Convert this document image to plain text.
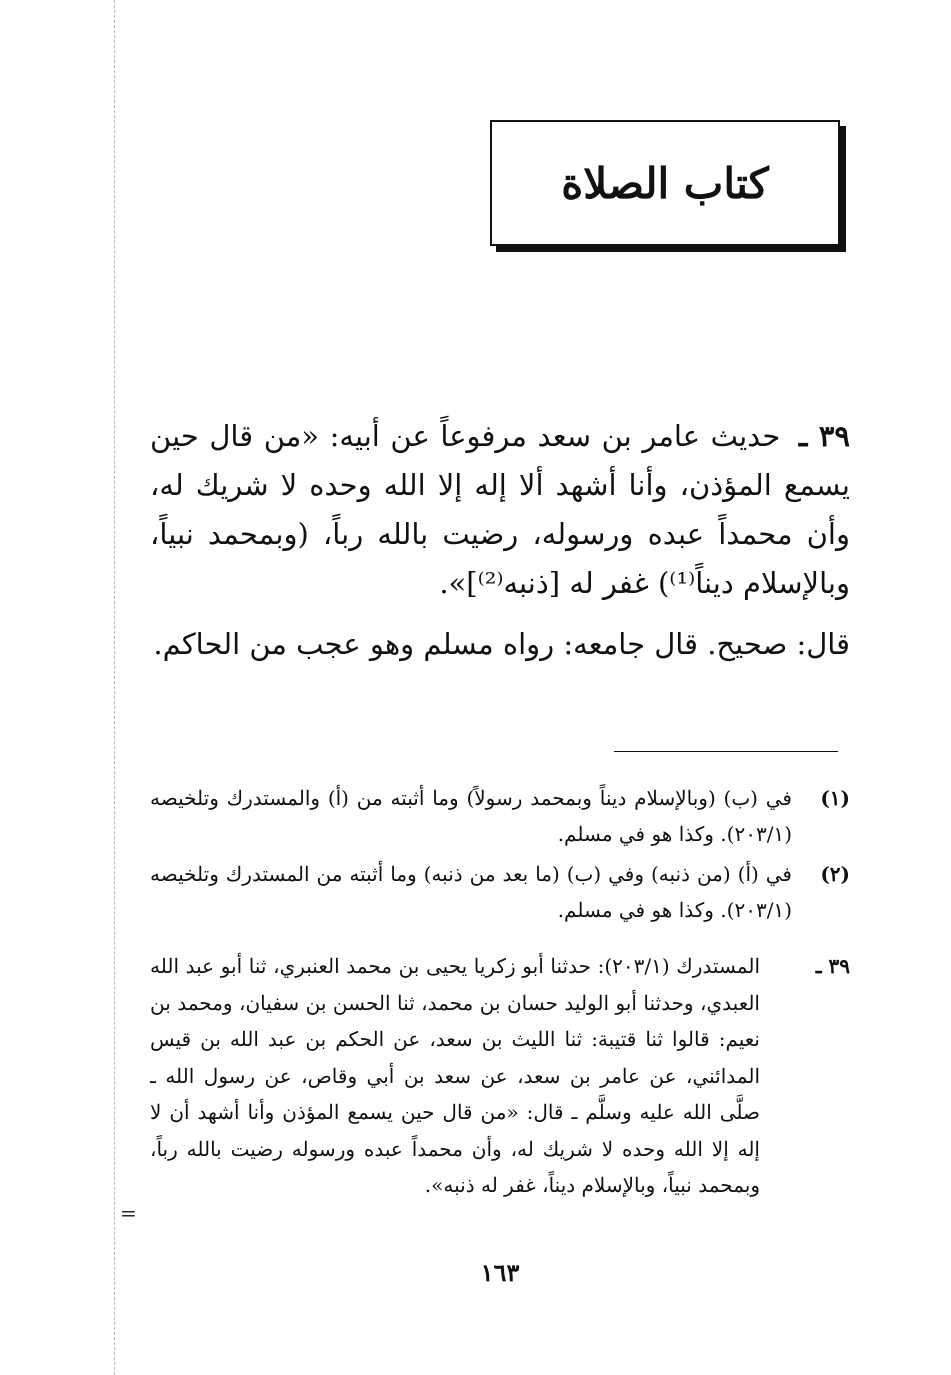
=
كتاب الصلاة

٣٩ ـ حديث عامر بن سعد مرفوعاً عن أبيه: «من قال حين يسمع المؤذن، وأنا أشهد ألا إله إلا الله وحده لا شريك له، وأن محمداً عبده ورسوله، رضيت بالله رباً، (وبمحمد نبياً، وبالإسلام ديناً⁽¹⁾) غفر له [ذنبه⁽²⁾]».

قال: صحيح. قال جامعه: رواه مسلم وهو عجب من الحاكم.

(١)
في (ب) (وبالإسلام ديناً وبمحمد رسولاً) وما أثبته من (أ) والمستدرك وتلخيصه (٢٠٣/١). وكذا هو في مسلم.
(٢)
في (أ) (من ذنبه) وفي (ب) (ما بعد من ذنبه) وما أثبته من المستدرك وتلخيصه (٢٠٣/١). وكذا هو في مسلم.
٣٩ ـ
المستدرك (٢٠٣/١): حدثنا أبو زكريا يحيى بن محمد العنبري، ثنا أبو عبد الله العبدي، وحدثنا أبو الوليد حسان بن محمد، ثنا الحسن بن سفيان، ومحمد بن نعيم: قالوا ثنا قتيبة: ثنا الليث بن سعد، عن الحكم بن عبد الله بن قيس المدائني، عن عامر بن سعد، عن سعد بن أبي وقاص، عن رسول الله ـ صلَّى الله عليه وسلَّم ـ قال: «من قال حين يسمع المؤذن وأنا أشهد أن لا إله إلا الله وحده لا شريك له، وأن محمداً عبده ورسوله رضيت بالله رباً، وبمحمد نبياً، وبالإسلام ديناً، غفر له ذنبه».
١٦٣
